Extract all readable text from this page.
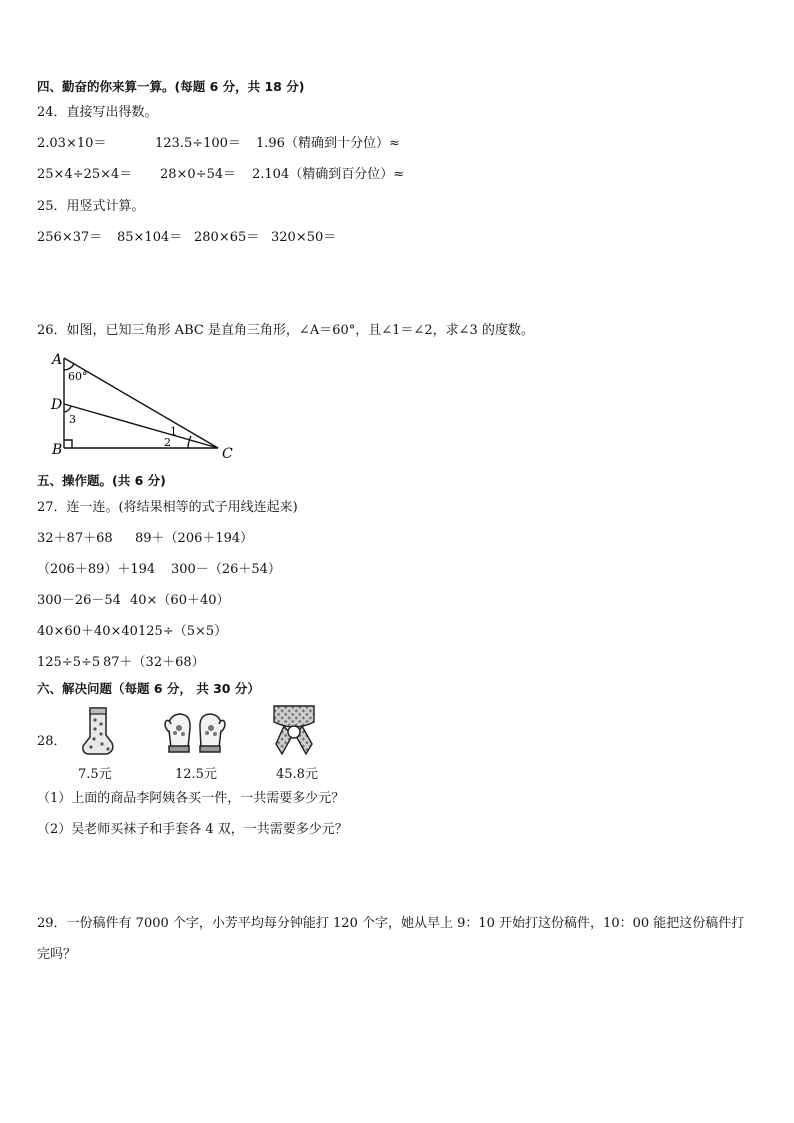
四、勤奋的你来算一算。(每题 6 分，共 18 分)
24．直接写出得数。
2.03×10＝	123.5÷100＝ 1.96（精确到十分位）≈
25×4÷25×4＝ 28×0÷54＝ 2.104（精确到百分位）≈
25．用竖式计算。
256×37＝ 85×104＝ 280×65＝ 320×50＝
26．如图，已知三角形 ABC 是直角三角形，∠A＝60°，且∠1＝∠2，求∠3 的度数。
A
60°
D
3
B
1
2
C
五、操作题。(共 6 分)
27．连一连。(将结果相等的式子用线连起来)
32＋87＋68 89＋（206＋194）
（206＋89）＋194 300－（26＋54）
300－26－54 40×（60＋40）
40×60＋40×40 125÷（5×5）
125÷5÷5 87＋（32＋68）
六、解决问题（每题 6 分， 共 30 分）
28．
7.5元	12.5元	45.8元
（1）上面的商品李阿姨各买一件，一共需要多少元？
（2）吴老师买袜子和手套各 4 双，一共需要多少元？
29．一份稿件有 7000 个字，小芳平均每分钟能打 120 个字，她从早上 9：10 开始打这份稿件，10：00 能把这份稿件打
完吗？
